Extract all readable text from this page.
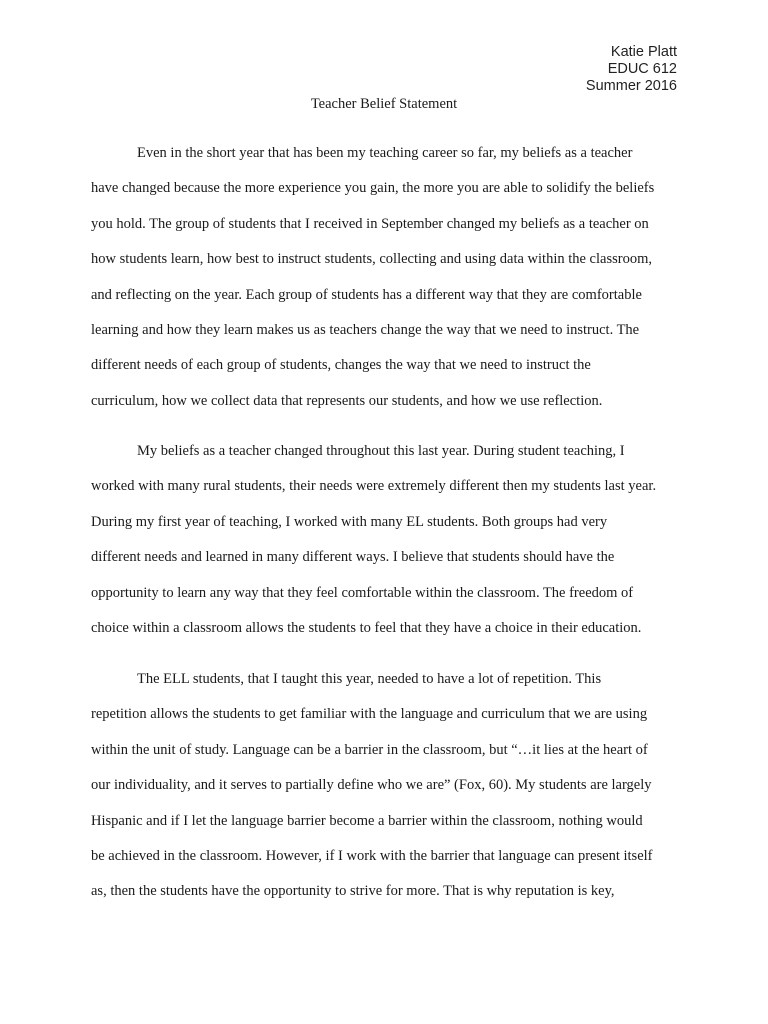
Katie Platt
EDUC 612
Summer 2016
Teacher Belief Statement
Even in the short year that has been my teaching career so far, my beliefs as a teacher
have changed because the more experience you gain, the more you are able to solidify the beliefs
you hold. The group of students that I received in September changed my beliefs as a teacher on
how students learn, how best to instruct students, collecting and using data within the classroom,
and reflecting on the year. Each group of students has a different way that they are comfortable
learning and how they learn makes us as teachers change the way that we need to instruct. The
different needs of each group of students, changes the way that we need to instruct the
curriculum, how we collect data that represents our students, and how we use reflection.
My beliefs as a teacher changed throughout this last year. During student teaching, I
worked with many rural students, their needs were extremely different then my students last year.
During my first year of teaching, I worked with many EL students. Both groups had very
different needs and learned in many different ways. I believe that students should have the
opportunity to learn any way that they feel comfortable within the classroom. The freedom of
choice within a classroom allows the students to feel that they have a choice in their education.
The ELL students, that I taught this year, needed to have a lot of repetition. This
repetition allows the students to get familiar with the language and curriculum that we are using
within the unit of study. Language can be a barrier in the classroom, but “…it lies at the heart of
our individuality, and it serves to partially define who we are” (Fox, 60). My students are largely
Hispanic and if I let the language barrier become a barrier within the classroom, nothing would
be achieved in the classroom. However, if I work with the barrier that language can present itself
as, then the students have the opportunity to strive for more. That is why reputation is key,
